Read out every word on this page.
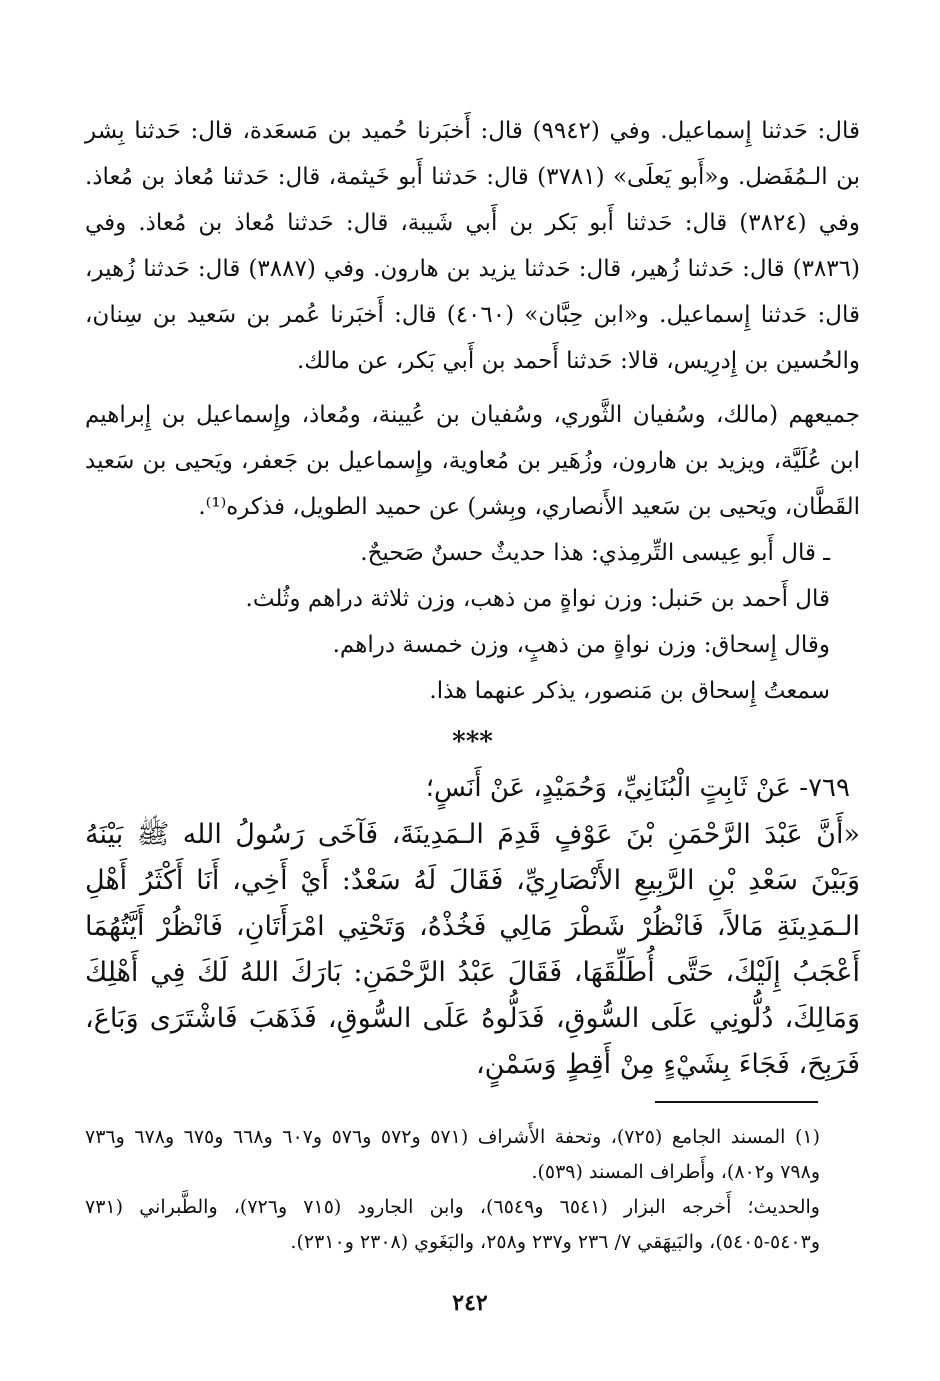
قال: حَدثنا إِسماعيل. وفي (٩٩٤٢) قال: أَخبَرنا حُميد بن مَسعَدة، قال: حَدثنا بِشر بن الـمُفَضل. و«أَبو يَعلَى» (٣٧٨١) قال: حَدثنا أَبو خَيثمة، قال: حَدثنا مُعاذ بن مُعاذ. وفي (٣٨٢٤) قال: حَدثنا أَبو بَكر بن أَبي شَيبة، قال: حَدثنا مُعاذ بن مُعاذ. وفي (٣٨٣٦) قال: حَدثنا زُهير، قال: حَدثنا يزيد بن هارون. وفي (٣٨٨٧) قال: حَدثنا زُهير، قال: حَدثنا إِسماعيل. و«ابن حِبَّان» (٤٠٦٠) قال: أَخبَرنا عُمر بن سَعيد بن سِنان، والحُسين بن إِدرِيس، قالا: حَدثنا أَحمد بن أَبي بَكر، عن مالك.

جميعهم (مالك، وسُفيان الثَّوري، وسُفيان بن عُيينة، ومُعاذ، وإِسماعيل بن إِبراهيم ابن عُلَيَّة، ويزيد بن هارون، وزُهَير بن مُعاوية، وإِسماعيل بن جَعفر، ويَحيى بن سَعيد القَطَّان، ويَحيى بن سَعيد الأَنصاري، وبِشر) عن حميد الطويل، فذكره⁽¹⁾.

ـ قال أَبو عِيسى التِّرمِذي: هذا حديثٌ حسنٌ صَحيحٌ.

قال أَحمد بن حَنبل: وزن نواةٍ من ذهب، وزن ثلاثة دراهم وثُلث.

وقال إِسحاق: وزن نواةٍ من ذهبٍ، وزن خمسة دراهم.

سمعتُ إِسحاق بن مَنصور، يذكر عنهما هذا.

***

٧٦٩- عَنْ ثَابِتٍ الْبُنَانِيِّ، وَحُمَيْدٍ، عَنْ أَنَسٍ؛

«أَنَّ عَبْدَ الرَّحْمَنِ بْنَ عَوْفٍ قَدِمَ الـمَدِينَةَ، فَآخَى رَسُولُ الله ﷺ بَيْنَهُ وَبَيْنَ سَعْدِ بْنِ الرَّبِيعِ الأَنْصَارِيِّ، فَقَالَ لَهُ سَعْدٌ: أَيْ أَخِي، أَنَا أَكْثَرُ أَهْلِ الـمَدِينَةِ مَالاً، فَانْظُرْ شَطْرَ مَالِي فَخُذْهُ، وَتَحْتِي امْرَأَتَانِ، فَانْظُرْ أَيَّتُهُمَا أَعْجَبُ إِلَيْكَ، حَتَّى أُطَلِّقَهَا، فَقَالَ عَبْدُ الرَّحْمَنِ: بَارَكَ اللهُ لَكَ فِي أَهْلِكَ وَمَالِكَ، دُلُّونِي عَلَى السُّوقِ، فَدَلُّوهُ عَلَى السُّوقِ، فَذَهَبَ فَاشْتَرَى وَبَاعَ، فَرَبِحَ، فَجَاءَ بِشَيْءٍ مِنْ أَقِطٍ وَسَمْنٍ،

(١) المسند الجامع (٧٢٥)، وتحفة الأَشراف (٥٧١ و٥٧٢ و٥٧٦ و٦٠٧ و٦٦٨ و٦٧٥ و٦٧٨ و٧٣٦ و٧٩٨ و٨٠٢)، وأَطراف المسند (٥٣٩).

والحديث؛ أَخرجه البزار (٦٥٤١ و٦٥٤٩)، وابن الجارود (٧١٥ و٧٢٦)، والطَّبراني (٧٣١ و٥٤٠٣-٥٤٠٥)، والبَيهَقي ٧/ ٢٣٦ و٢٣٧ و٢٥٨، والبَغَوي (٢٣٠٨ و٢٣١٠).

٢٤٢
